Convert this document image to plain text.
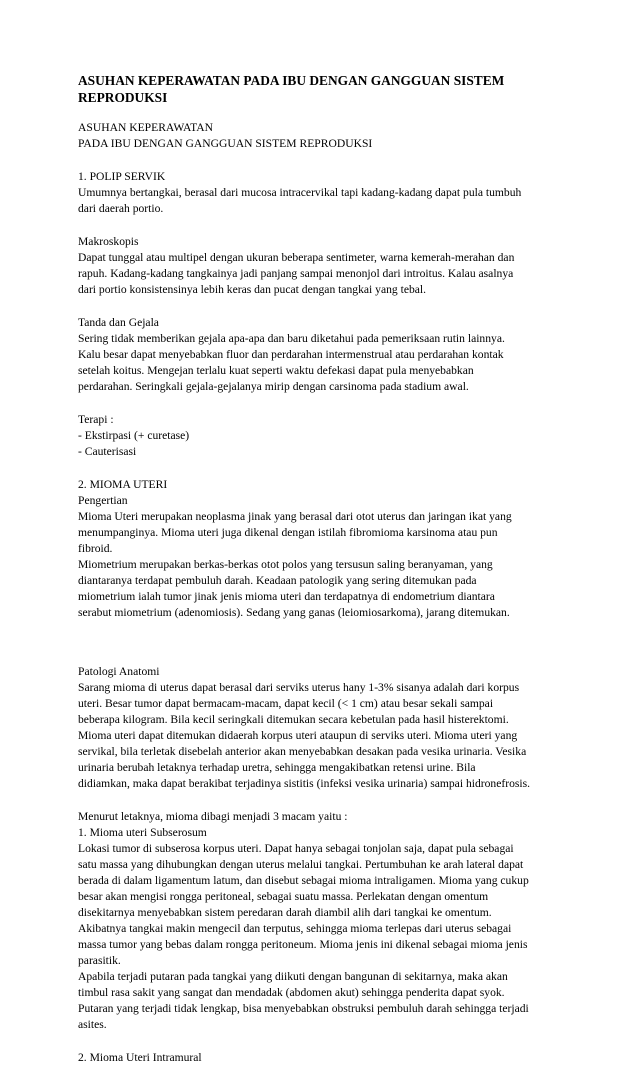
ASUHAN KEPERAWATAN PADA IBU DENGAN GANGGUAN SISTEM
REPRODUKSI
ASUHAN KEPERAWATAN
PADA IBU DENGAN GANGGUAN SISTEM REPRODUKSI
1. POLIP SERVIK
Umumnya bertangkai, berasal dari mucosa intracervikal tapi kadang-kadang dapat pula tumbuh
dari daerah portio.
Makroskopis
Dapat tunggal atau multipel dengan ukuran beberapa sentimeter, warna kemerah-merahan dan
rapuh. Kadang-kadang tangkainya jadi panjang sampai menonjol dari introitus. Kalau asalnya
dari portio konsistensinya lebih keras dan pucat dengan tangkai yang tebal.
Tanda dan Gejala
Sering tidak memberikan gejala apa-apa dan baru diketahui pada pemeriksaan rutin lainnya.
Kalu besar dapat menyebabkan fluor dan perdarahan intermenstrual atau perdarahan kontak
setelah koitus. Mengejan terlalu kuat seperti waktu defekasi dapat pula menyebabkan
perdarahan. Seringkali gejala-gejalanya mirip dengan carsinoma pada stadium awal.
Terapi :
- Ekstirpasi (+ curetase)
- Cauterisasi
2. MIOMA UTERI
Pengertian
Mioma Uteri merupakan neoplasma jinak yang berasal dari otot uterus dan jaringan ikat yang
menumpanginya. Mioma uteri juga dikenal dengan istilah fibromioma karsinoma atau pun
fibroid.
Miometrium merupakan berkas-berkas otot polos yang tersusun saling beranyaman, yang
diantaranya terdapat pembuluh darah. Keadaan patologik yang sering ditemukan pada
miometrium ialah tumor jinak jenis mioma uteri dan terdapatnya di endometrium diantara
serabut miometrium (adenomiosis). Sedang yang ganas (leiomiosarkoma), jarang ditemukan.
Patologi Anatomi
Sarang mioma di uterus dapat berasal dari serviks uterus hany 1-3% sisanya adalah dari korpus
uteri. Besar tumor dapat bermacam-macam, dapat kecil (< 1 cm) atau besar sekali sampai
beberapa kilogram. Bila kecil seringkali ditemukan secara kebetulan pada hasil histerektomi.
Mioma uteri dapat ditemukan didaerah korpus uteri ataupun di serviks uteri. Mioma uteri yang
servikal, bila terletak disebelah anterior akan menyebabkan desakan pada vesika urinaria. Vesika
urinaria berubah letaknya terhadap uretra, sehingga mengakibatkan retensi urine. Bila
didiamkan, maka dapat berakibat terjadinya sistitis (infeksi vesika urinaria) sampai hidronefrosis.
Menurut letaknya, mioma dibagi menjadi 3 macam yaitu :
1. Mioma uteri Subserosum
Lokasi tumor di subserosa korpus uteri. Dapat hanya sebagai tonjolan saja, dapat pula sebagai
satu massa yang dihubungkan dengan uterus melalui tangkai. Pertumbuhan ke arah lateral dapat
berada di dalam ligamentum latum, dan disebut sebagai mioma intraligamen. Mioma yang cukup
besar akan mengisi rongga peritoneal, sebagai suatu massa. Perlekatan dengan omentum
disekitarnya menyebabkan sistem peredaran darah diambil alih dari tangkai ke omentum.
Akibatnya tangkai makin mengecil dan terputus, sehingga mioma terlepas dari uterus sebagai
massa tumor yang bebas dalam rongga peritoneum. Mioma jenis ini dikenal sebagai mioma jenis
parasitik.
Apabila terjadi putaran pada tangkai yang diikuti dengan bangunan di sekitarnya, maka akan
timbul rasa sakit yang sangat dan mendadak (abdomen akut) sehingga penderita dapat syok.
Putaran yang terjadi tidak lengkap, bisa menyebabkan obstruksi pembuluh darah sehingga terjadi
asites.
2. Mioma Uteri Intramural
